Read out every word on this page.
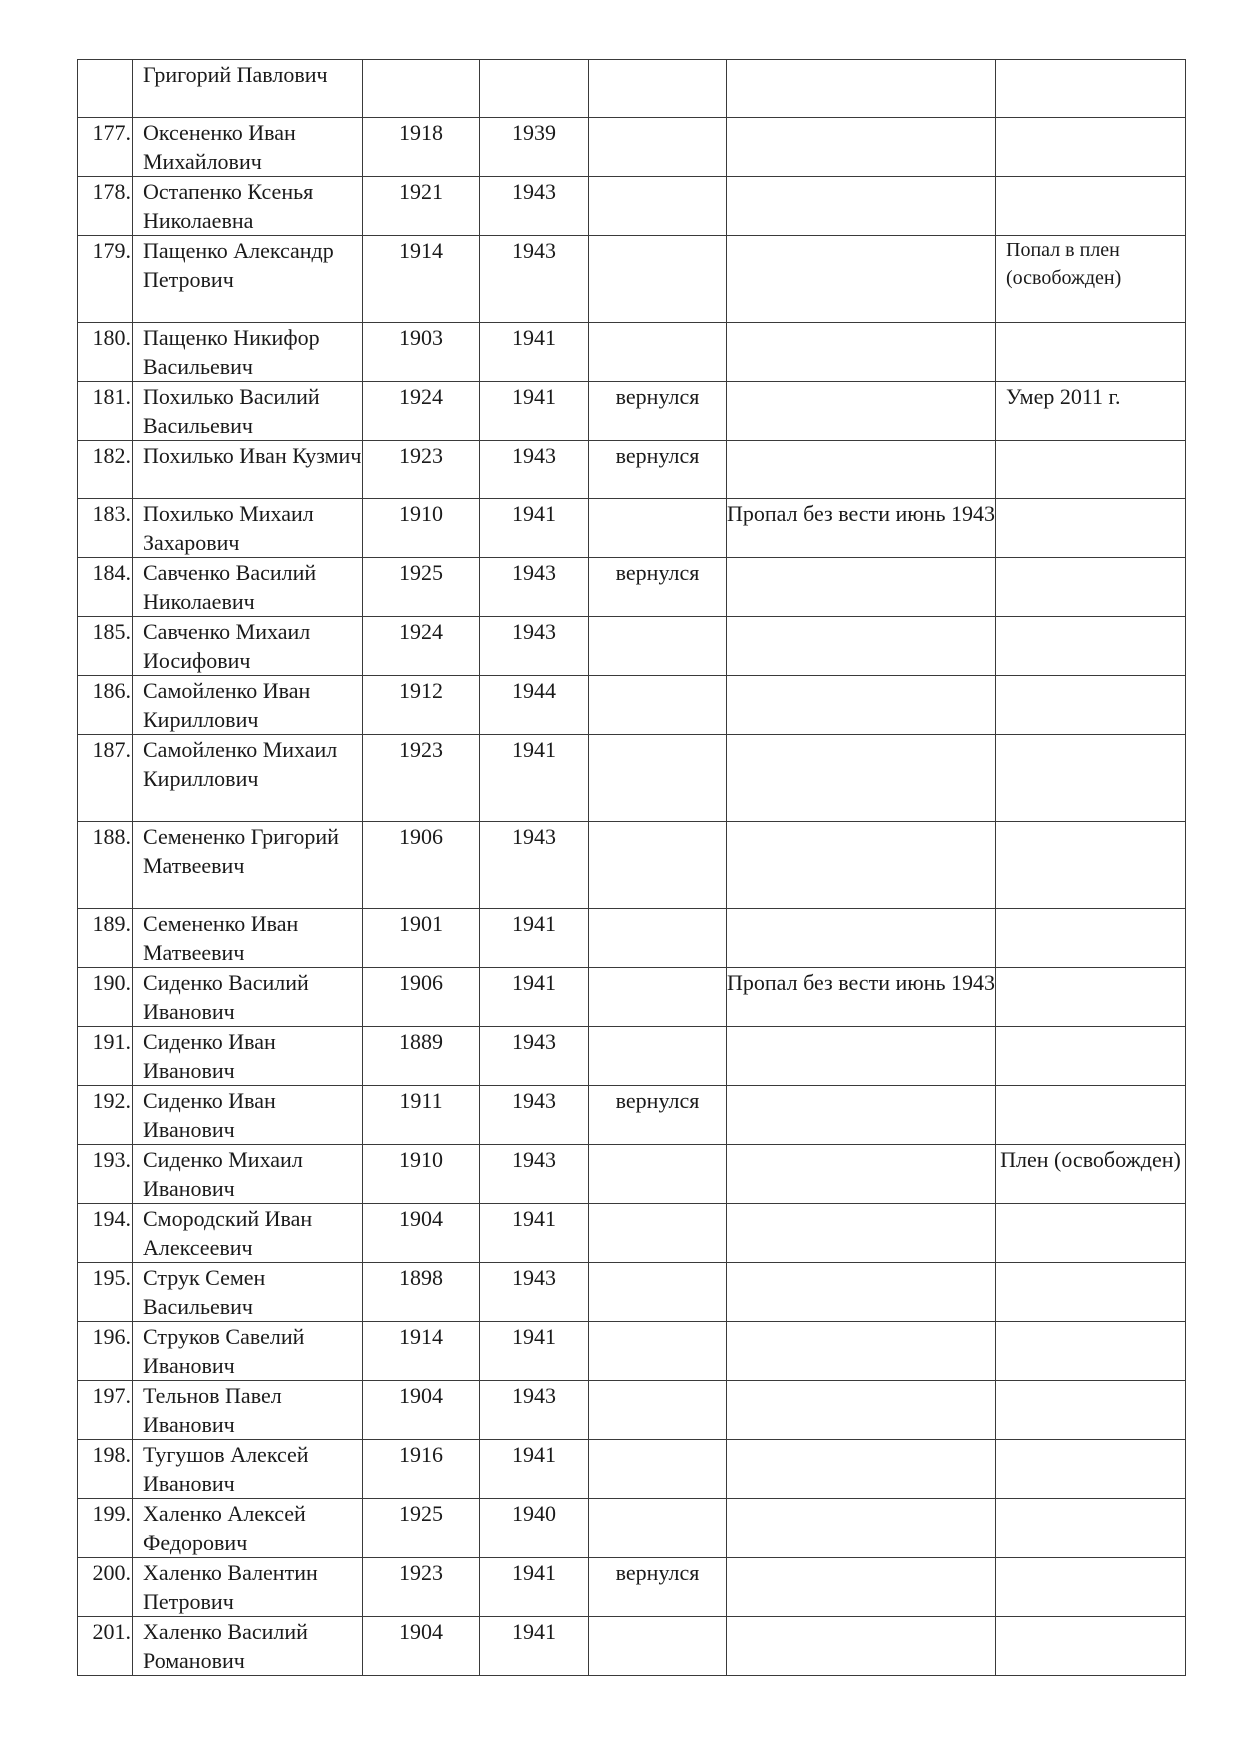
	Григорий Павлович					
177.	Оксененко Иван Михайлович	1918	1939			
178.	Остапенко Ксенья Николаевна	1921	1943			
179.	Пащенко Александр Петрович	1914	1943			Попал в плен (освобожден)
180.	Пащенко Никифор Васильевич	1903	1941			
181.	Похилько Василий Васильевич	1924	1941	вернулся		Умер 2011 г.
182.	Похилько Иван Кузмич	1923	1943	вернулся		
183.	Похилько Михаил Захарович	1910	1941		Пропал без вести июнь 1943	
184.	Савченко Василий Николаевич	1925	1943	вернулся		
185.	Савченко Михаил Иосифович	1924	1943			
186.	Самойленко Иван Кириллович	1912	1944			
187.	Самойленко Михаил Кириллович	1923	1941			
188.	Семененко Григорий Матвеевич	1906	1943			
189.	Семененко Иван Матвеевич	1901	1941			
190.	Сиденко Василий Иванович	1906	1941		Пропал без вести июнь 1943	
191.	Сиденко Иван Иванович	1889	1943			
192.	Сиденко Иван Иванович	1911	1943	вернулся		
193.	Сиденко Михаил Иванович	1910	1943			Плен (освобожден)
194.	Смородский Иван Алексеевич	1904	1941			
195.	Струк Семен Васильевич	1898	1943			
196.	Струков Савелий Иванович	1914	1941			
197.	Тельнов Павел Иванович	1904	1943			
198.	Тугушов Алексей Иванович	1916	1941			
199.	Халенко Алексей Федорович	1925	1940			
200.	Халенко Валентин Петрович	1923	1941	вернулся		
201.	Халенко Василий Романович	1904	1941			
